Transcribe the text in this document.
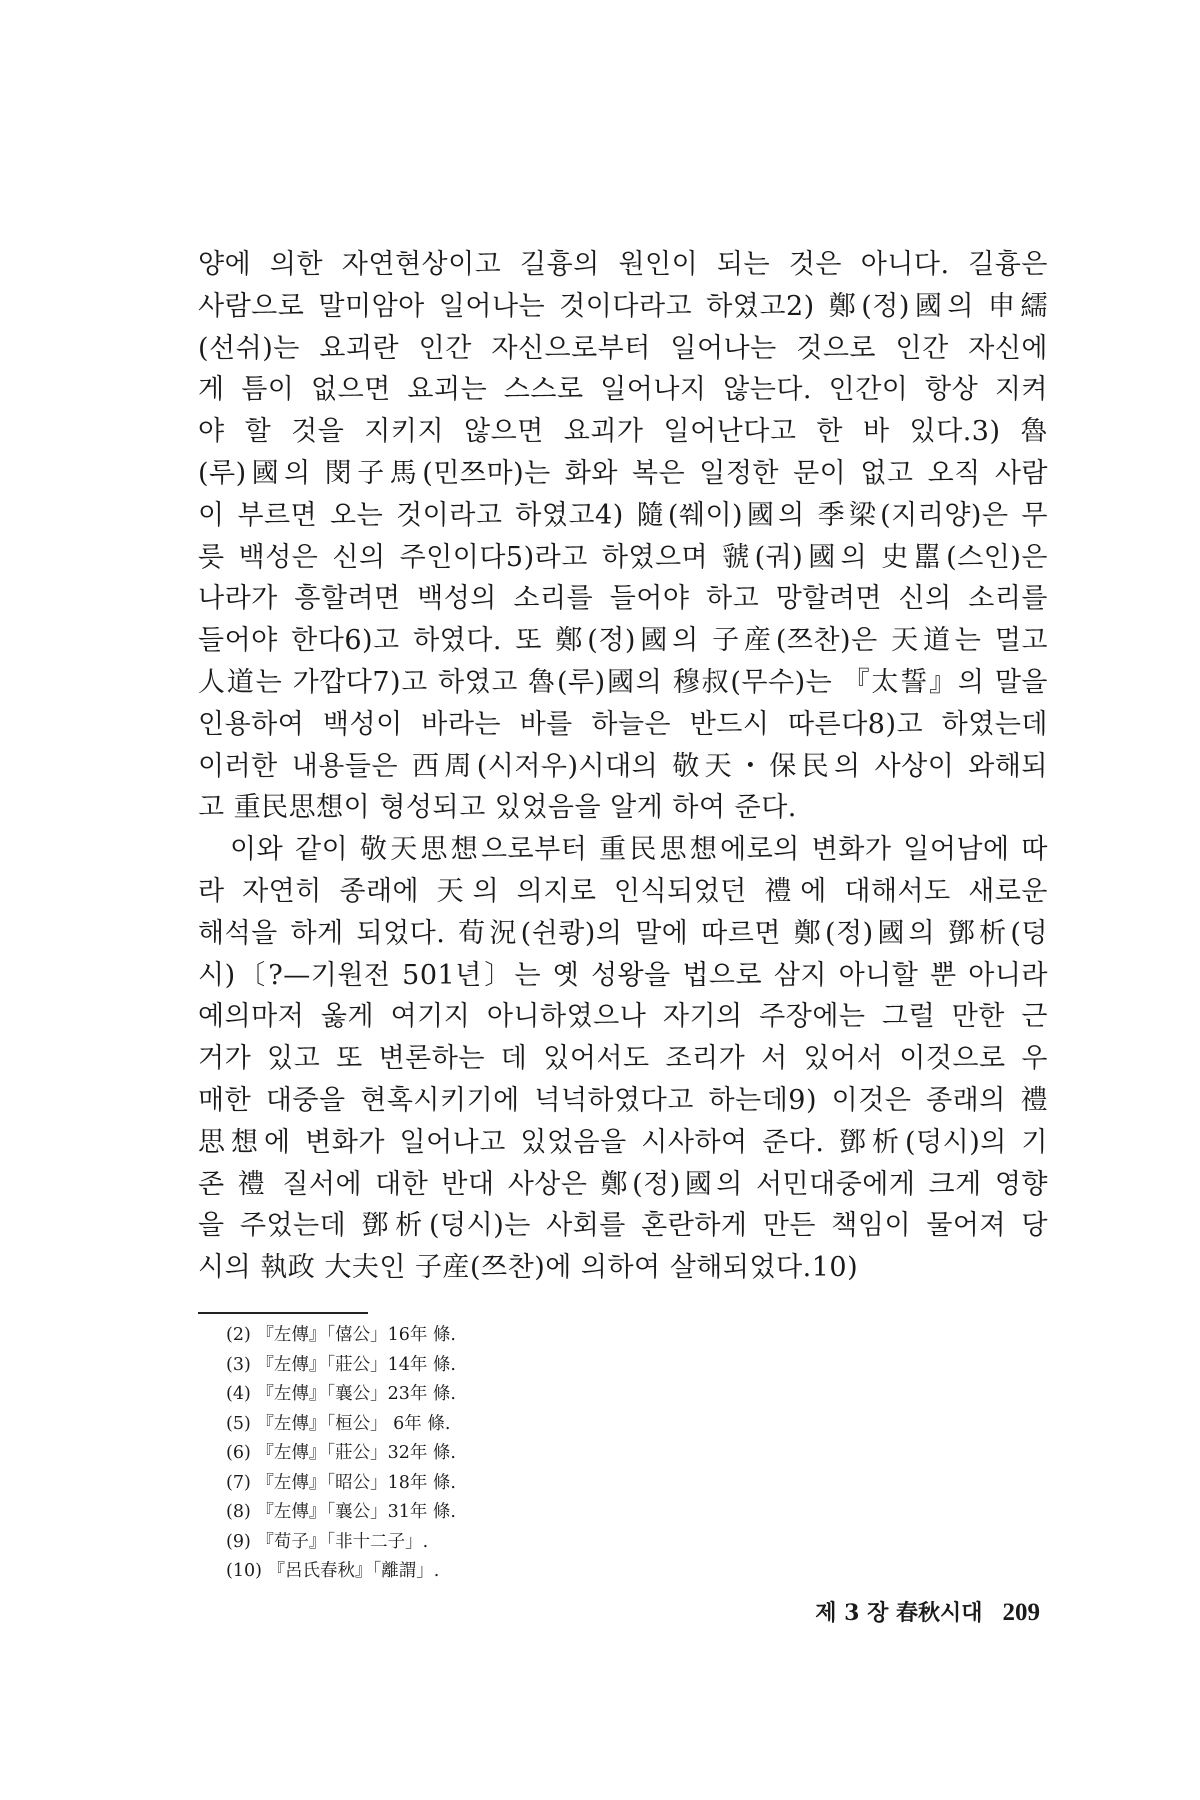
양에 의한 자연현상이고 길흉의 원인이 되는 것은 아니다. 길흉은
사람으로 말미암아 일어나는 것이다라고 하였고2) 鄭(정)國의 申繻
(선쉬)는 요괴란 인간 자신으로부터 일어나는 것으로 인간 자신에
게 틈이 없으면 요괴는 스스로 일어나지 않는다. 인간이 항상 지켜
야 할 것을 지키지 않으면 요괴가 일어난다고 한 바 있다.3) 魯
(루)國의 閔子馬(민쯔마)는 화와 복은 일정한 문이 없고 오직 사람
이 부르면 오는 것이라고 하였고4) 隨(쒜이)國의 季梁(지리양)은 무
릇 백성은 신의 주인이다5)라고 하였으며 虢(궈)國의 史嚚(스인)은
나라가 흥할려면 백성의 소리를 들어야 하고 망할려면 신의 소리를
들어야 한다6)고 하였다. 또 鄭(정)國의 子産(쯔찬)은 天道는 멀고
人道는 가깝다7)고 하였고 魯(루)國의 穆叔(무수)는 『太誓』의 말을
인용하여 백성이 바라는 바를 하늘은 반드시 따른다8)고 하였는데
이러한 내용들은 西周(시저우)시대의 敬天・保民의 사상이 와해되
고 重民思想이 형성되고 있었음을 알게 하여 준다.
이와 같이 敬天思想으로부터 重民思想에로의 변화가 일어남에 따
라 자연히 종래에 天의 의지로 인식되었던 禮에 대해서도 새로운
해석을 하게 되었다. 荀況(쉰쾅)의 말에 따르면 鄭(정)國의 鄧析(덩
시)〔?—기원전 501년〕는 옛 성왕을 법으로 삼지 아니할 뿐 아니라
예의마저 옳게 여기지 아니하였으나 자기의 주장에는 그럴 만한 근
거가 있고 또 변론하는 데 있어서도 조리가 서 있어서 이것으로 우
매한 대중을 현혹시키기에 넉넉하였다고 하는데9) 이것은 종래의 禮
思想에 변화가 일어나고 있었음을 시사하여 준다. 鄧析(덩시)의 기
존 禮 질서에 대한 반대 사상은 鄭(정)國의 서민대중에게 크게 영향
을 주었는데 鄧析(덩시)는 사회를 혼란하게 만든 책임이 물어져 당
시의 執政 大夫인 子産(쯔찬)에 의하여 살해되었다.10)
(2) 『左傳』「僖公」16年 條.
(3) 『左傳』「莊公」14年 條.
(4) 『左傳』「襄公」23年 條.
(5) 『左傳』「桓公」 6年 條.
(6) 『左傳』「莊公」32年 條.
(7) 『左傳』「昭公」18年 條.
(8) 『左傳』「襄公」31年 條.
(9) 『荀子』「非十二子」.
(10) 『呂氏春秋』「離謂」.
제 3 장 春秋시대 209
